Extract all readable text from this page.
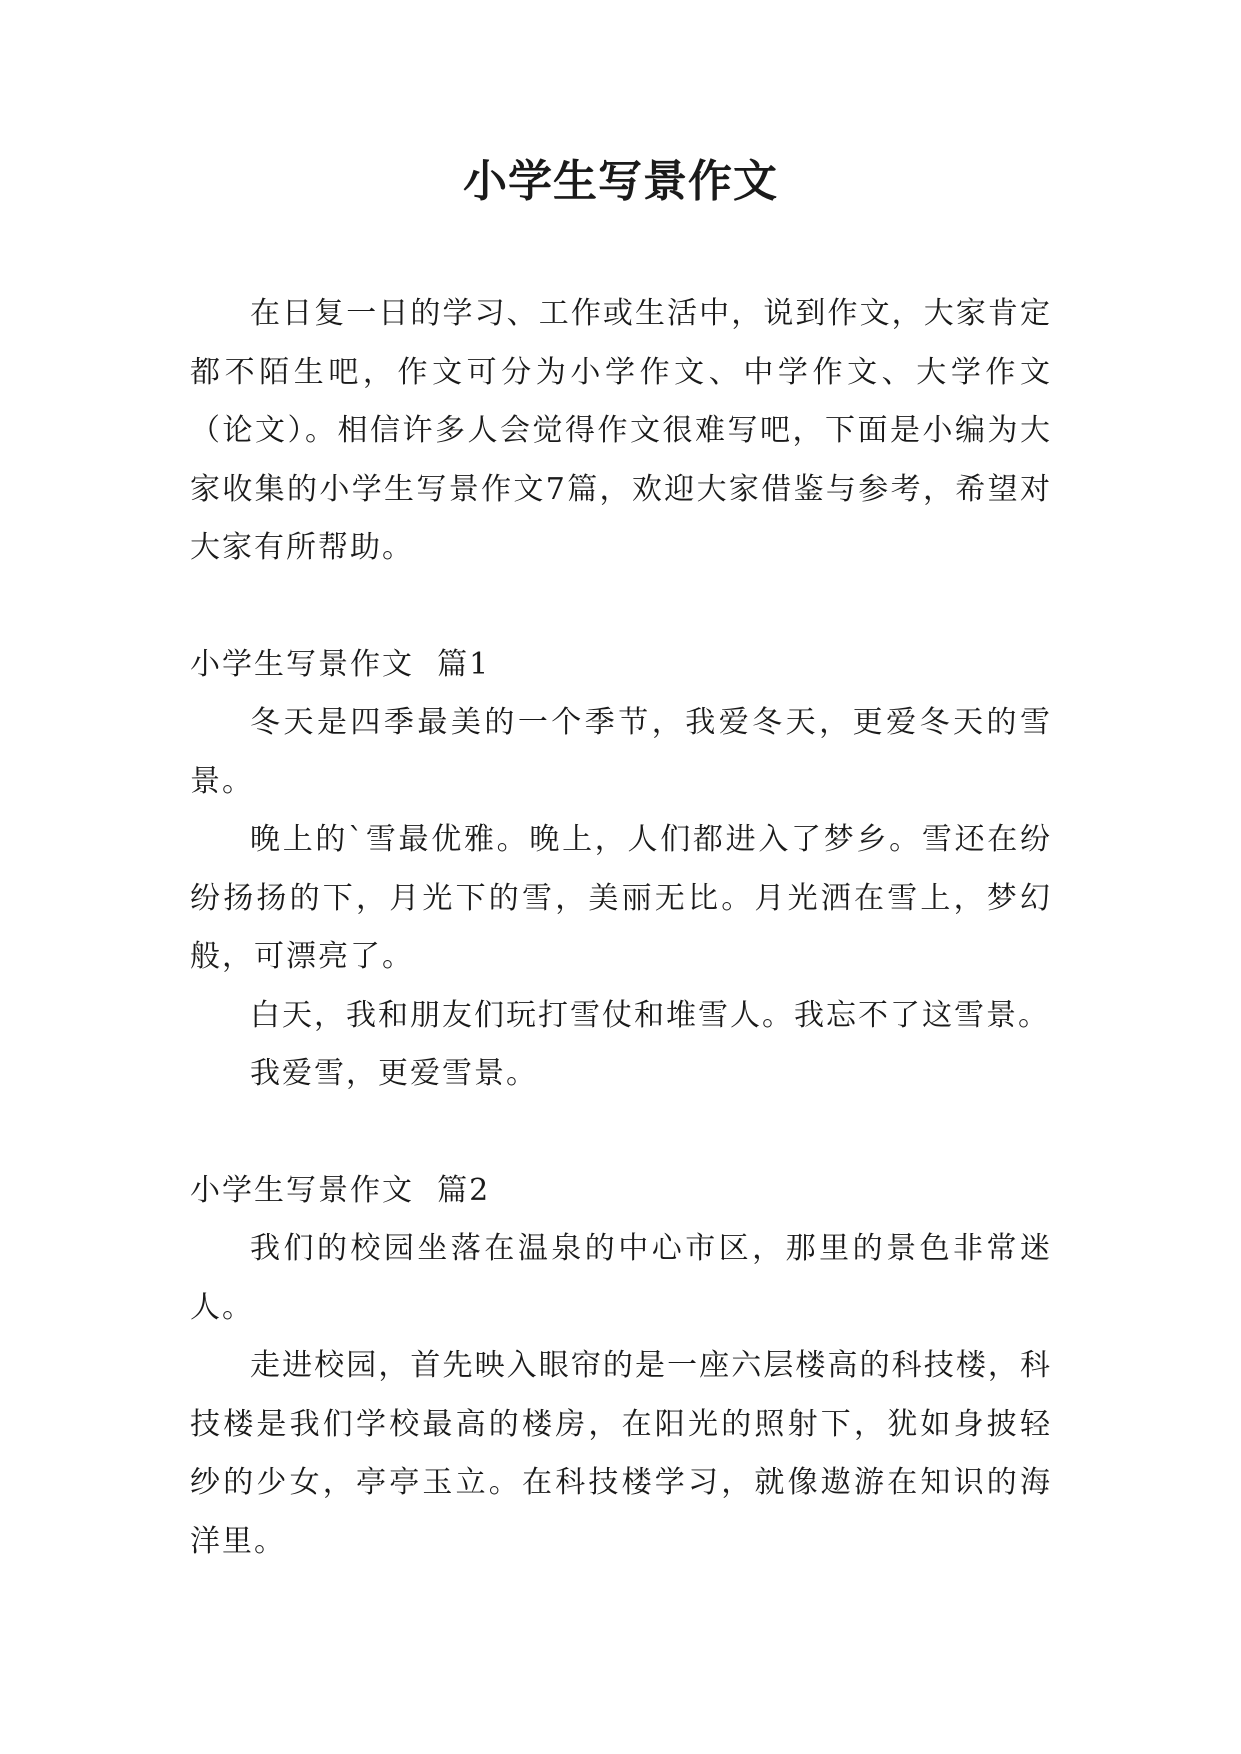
小学生写景作文

在日复一日的学习、工作或生活中，说到作文，大家肯定都不陌生吧，作文可分为小学作文、中学作文、大学作文（论文）。相信许多人会觉得作文很难写吧，下面是小编为大家收集的小学生写景作文7篇，欢迎大家借鉴与参考，希望对大家有所帮助。

小学生写景作文  篇1

冬天是四季最美的一个季节，我爱冬天，更爱冬天的雪景。

晚上的`雪最优雅。晚上，人们都进入了梦乡。雪还在纷纷扬扬的下，月光下的雪，美丽无比。月光洒在雪上，梦幻般，可漂亮了。

白天，我和朋友们玩打雪仗和堆雪人。我忘不了这雪景。

我爱雪，更爱雪景。

小学生写景作文  篇2

我们的校园坐落在温泉的中心市区，那里的景色非常迷人。

走进校园，首先映入眼帘的是一座六层楼高的科技楼，科技楼是我们学校最高的楼房，在阳光的照射下，犹如身披轻纱的少女，亭亭玉立。在科技楼学习，就像遨游在知识的海洋里。
